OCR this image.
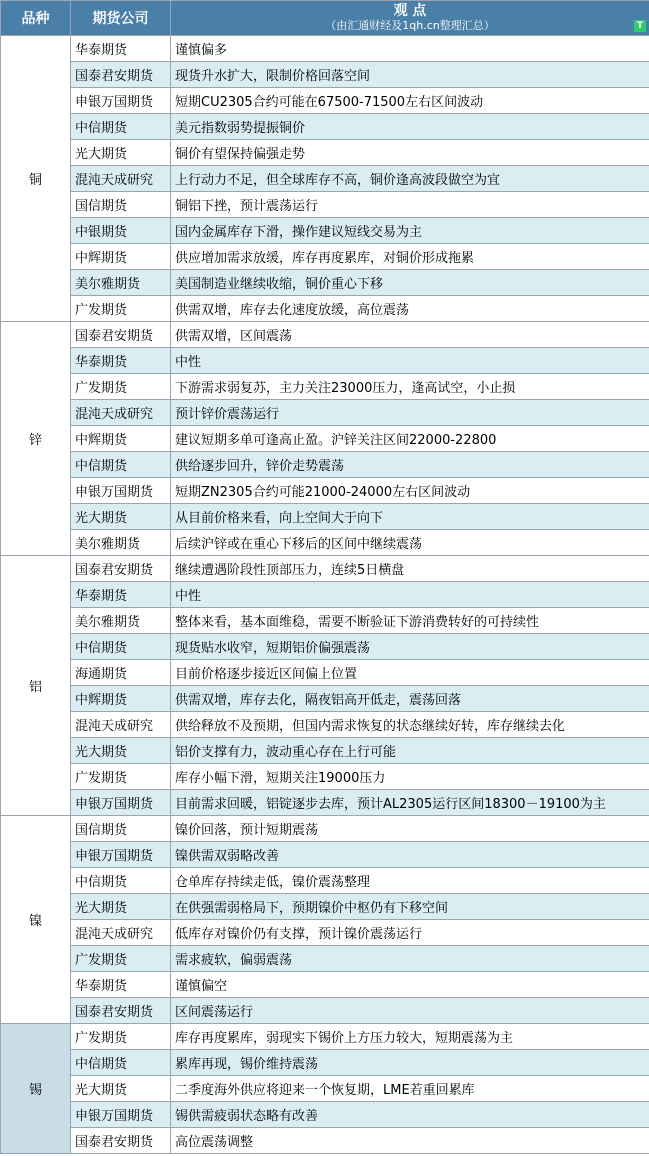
品种	期货公司	观 点
（由汇通财经及1qh.cn整理汇总） T

铜	华泰期货	谨慎偏多
	国泰君安期货	现货升水扩大，限制价格回落空间
	申银万国期货	短期CU2305合约可能在67500-71500左右区间波动
	中信期货	美元指数弱势提振铜价
	光大期货	铜价有望保持偏强走势
	混沌天成研究	上行动力不足，但全球库存不高，铜价逢高波段做空为宜
	国信期货	铜铝下挫，预计震荡运行
	中银期货	国内金属库存下滑，操作建议短线交易为主
	中辉期货	供应增加需求放缓，库存再度累库，对铜价形成拖累
	美尔雅期货	美国制造业继续收缩，铜价重心下移
	广发期货	供需双增，库存去化速度放缓，高位震荡
锌	国泰君安期货	供需双增，区间震荡
	华泰期货	中性
	广发期货	下游需求弱复苏，主力关注23000压力，逢高试空，小止损
	混沌天成研究	预计锌价震荡运行
	中辉期货	建议短期多单可逢高止盈。沪锌关注区间22000-22800
	中信期货	供给逐步回升，锌价走势震荡
	申银万国期货	短期ZN2305合约可能21000-24000左右区间波动
	光大期货	从目前价格来看，向上空间大于向下
	美尔雅期货	后续沪锌或在重心下移后的区间中继续震荡
铝	国泰君安期货	继续遭遇阶段性顶部压力，连续5日横盘
	华泰期货	中性
	美尔雅期货	整体来看，基本面维稳，需要不断验证下游消费转好的可持续性
	中信期货	现货贴水收窄，短期铝价偏强震荡
	海通期货	目前价格逐步接近区间偏上位置
	中辉期货	供需双增，库存去化，隔夜铝高开低走，震荡回落
	混沌天成研究	供给释放不及预期，但国内需求恢复的状态继续好转，库存继续去化
	光大期货	铝价支撑有力，波动重心存在上行可能
	广发期货	库存小幅下滑，短期关注19000压力
	申银万国期货	目前需求回暖，铝锭逐步去库，预计AL2305运行区间18300－19100为主
镍	国信期货	镍价回落，预计短期震荡
	申银万国期货	镍供需双弱略改善
	中信期货	仓单库存持续走低，镍价震荡整理
	光大期货	在供强需弱格局下，预期镍价中枢仍有下移空间
	混沌天成研究	低库存对镍价仍有支撑，预计镍价震荡运行
	广发期货	需求疲软，偏弱震荡
	华泰期货	谨慎偏空
	国泰君安期货	区间震荡运行
锡	广发期货	库存再度累库，弱现实下锡价上方压力较大，短期震荡为主
	中信期货	累库再现，锡价维持震荡
	光大期货	二季度海外供应将迎来一个恢复期，LME若重回累库
	申银万国期货	锡供需疲弱状态略有改善
	国泰君安期货	高位震荡调整
